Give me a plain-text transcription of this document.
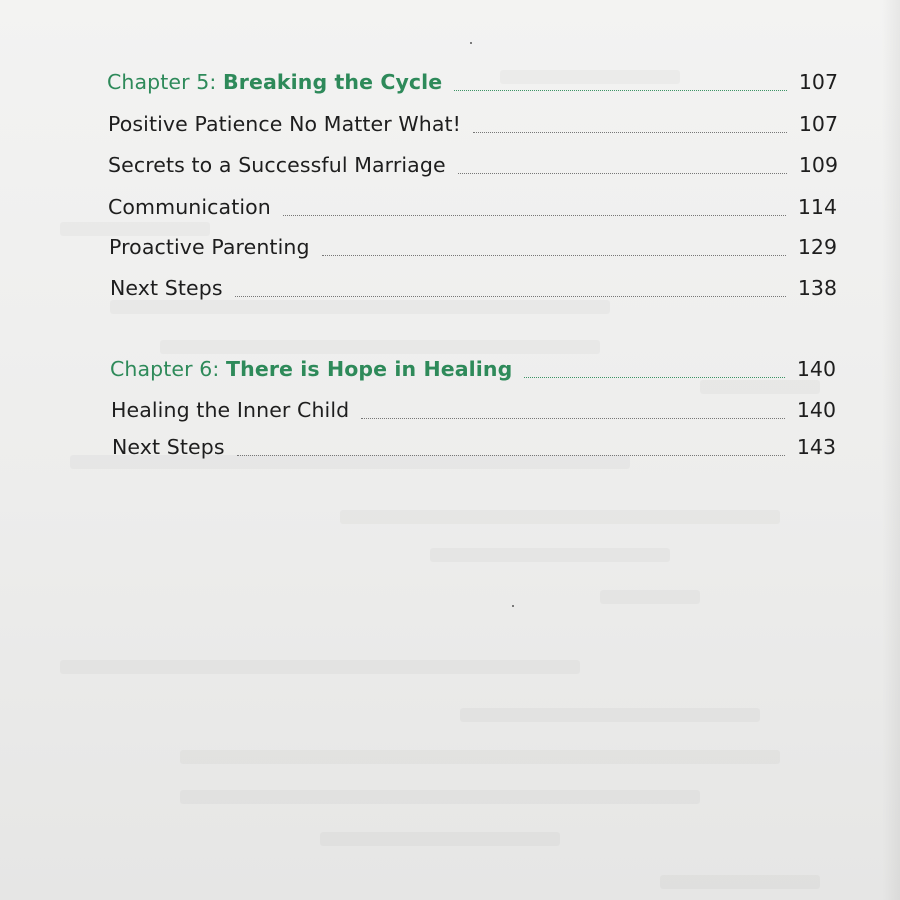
Chapter 5: Breaking the Cycle	107
Positive Patience No Matter What!	107
Secrets to a Successful Marriage	109
Communication	114
Proactive Parenting	129
Next Steps	138
Chapter 6: There is Hope in Healing	140
Healing the Inner Child	140
Next Steps	143
